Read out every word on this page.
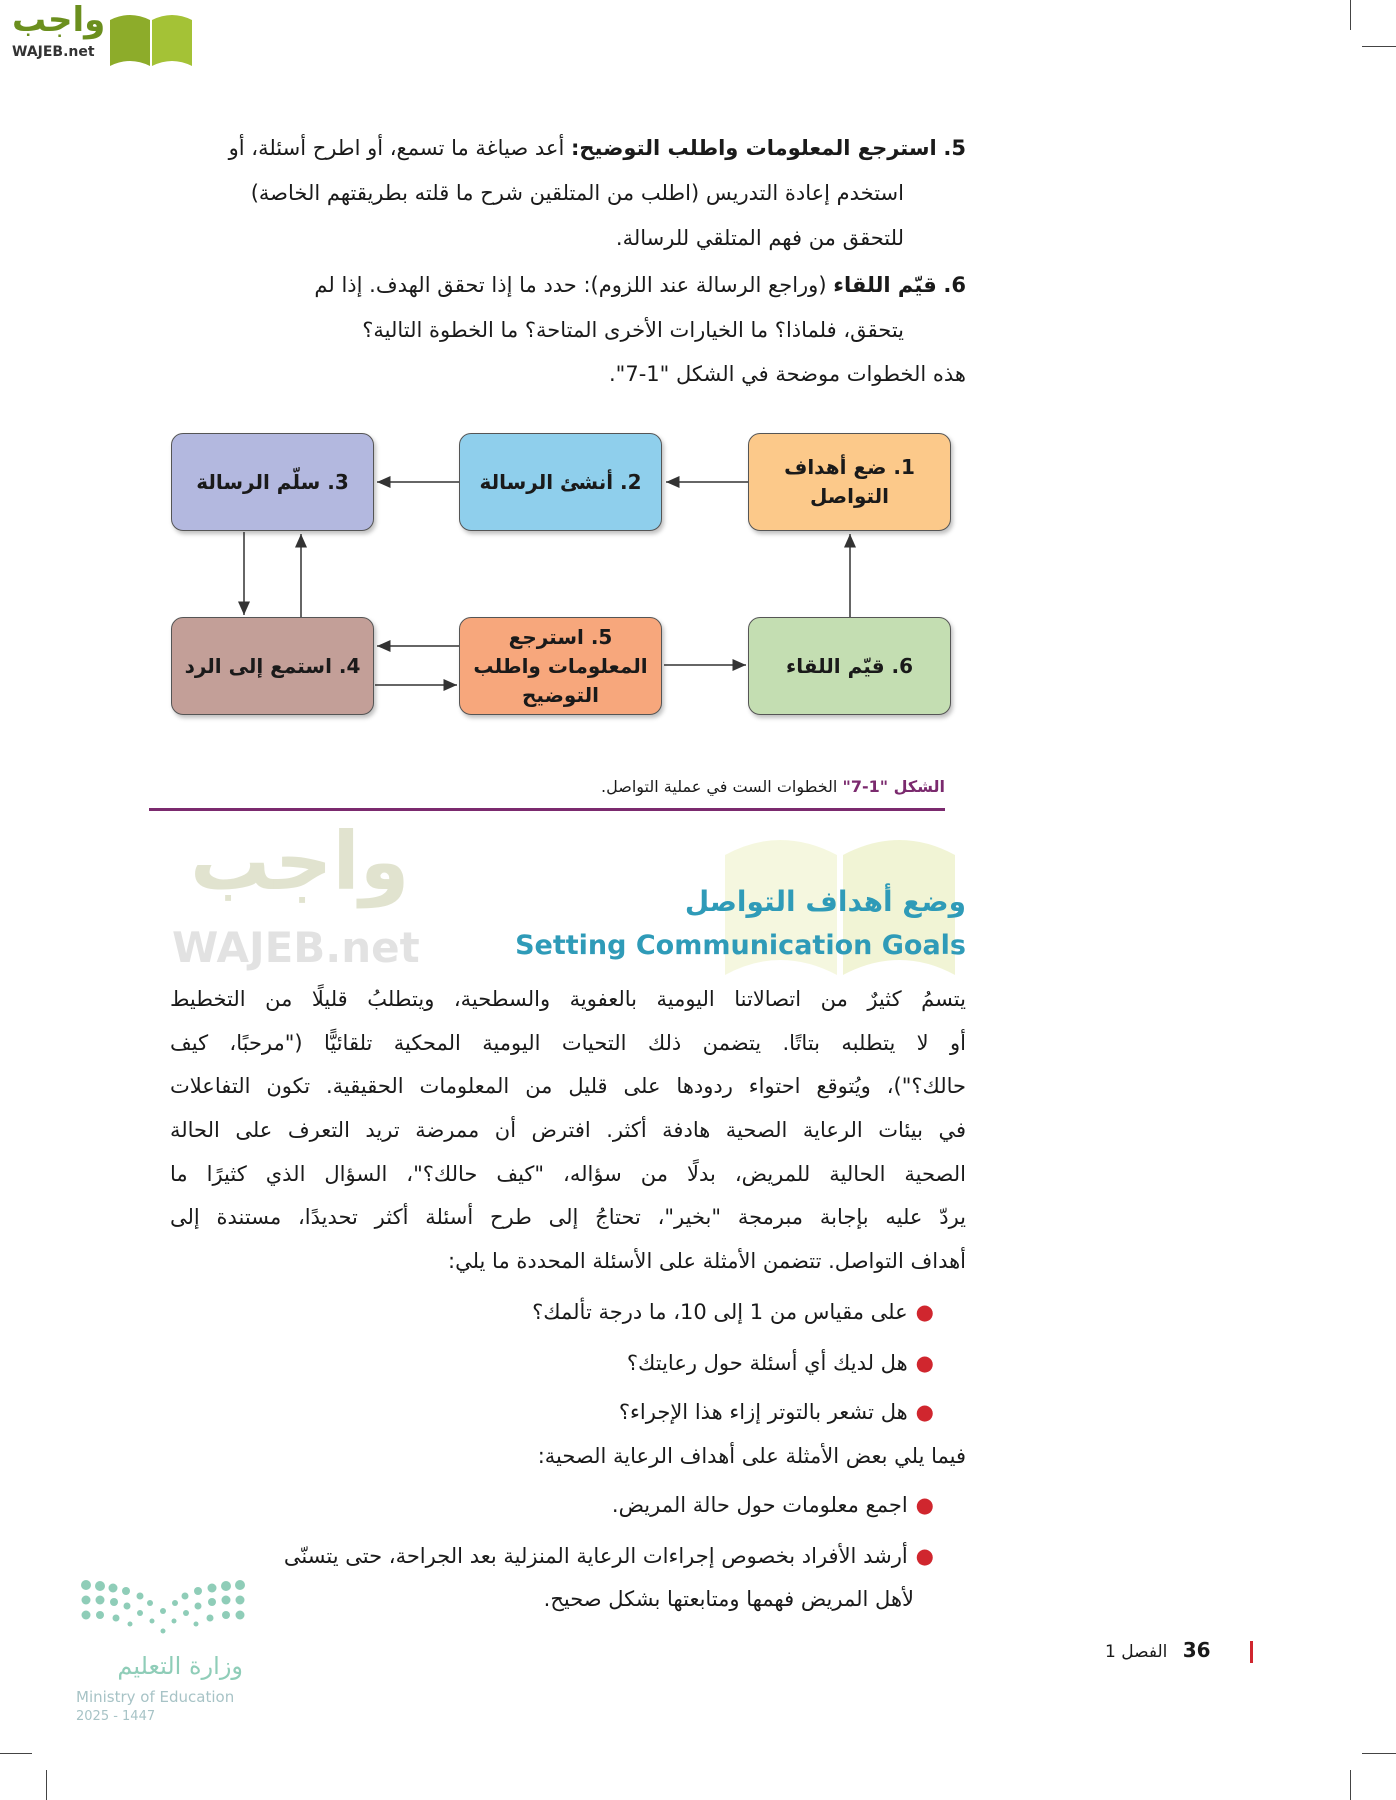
واجب
WAJEB.net
5. استرجع المعلومات واطلب التوضيح: أعد صياغة ما تسمع، أو اطرح أسئلة، أو
استخدم إعادة التدريس (اطلب من المتلقين شرح ما قلته بطريقتهم الخاصة)
للتحقق من فهم المتلقي للرسالة.
6. قيّم اللقاء (وراجع الرسالة عند اللزوم): حدد ما إذا تحقق الهدف. إذا لم
يتحقق، فلماذا؟ ما الخيارات الأخرى المتاحة؟ ما الخطوة التالية؟
هذه الخطوات موضحة في الشكل "1-7".
1. ضع أهداف التواصل
2. أنشئ الرسالة
3. سلّم الرسالة
4. استمع إلى الرد
5. استرجع المعلومات واطلب التوضيح
6. قيّم اللقاء
الشكل "1-7" الخطوات الست في عملية التواصل.
واجب
WAJEB.net
وضع أهداف التواصل
Setting Communication Goals
يتسمُ كثيرٌ من اتصالاتنا اليومية بالعفوية والسطحية، ويتطلبُ قليلًا من التخطيط
أو لا يتطلبه بتاتًا. يتضمن ذلك التحيات اليومية المحكية تلقائيًّا ("مرحبًا، كيف
حالك؟")، ويُتوقع احتواء ردودها على قليل من المعلومات الحقيقية. تكون التفاعلات
في بيئات الرعاية الصحية هادفة أكثر. افترض أن ممرضة تريد التعرف على الحالة
الصحية الحالية للمريض، بدلًا من سؤاله، "كيف حالك؟"، السؤال الذي كثيرًا ما
يردّ عليه بإجابة مبرمجة "بخير"، تحتاجُ إلى طرح أسئلة أكثر تحديدًا، مستندة إلى
أهداف التواصل. تتضمن الأمثلة على الأسئلة المحددة ما يلي:
●على مقياس من 1 إلى 10، ما درجة تألمك؟
●هل لديك أي أسئلة حول رعايتك؟
●هل تشعر بالتوتر إزاء هذا الإجراء؟
فيما يلي بعض الأمثلة على أهداف الرعاية الصحية:
●اجمع معلومات حول حالة المريض.
●أرشد الأفراد بخصوص إجراءات الرعاية المنزلية بعد الجراحة، حتى يتسنّى
لأهل المريض فهمها ومتابعتها بشكل صحيح.
وزارة التعليم
Ministry of Education
2025 - 1447
36 الفصل 1
